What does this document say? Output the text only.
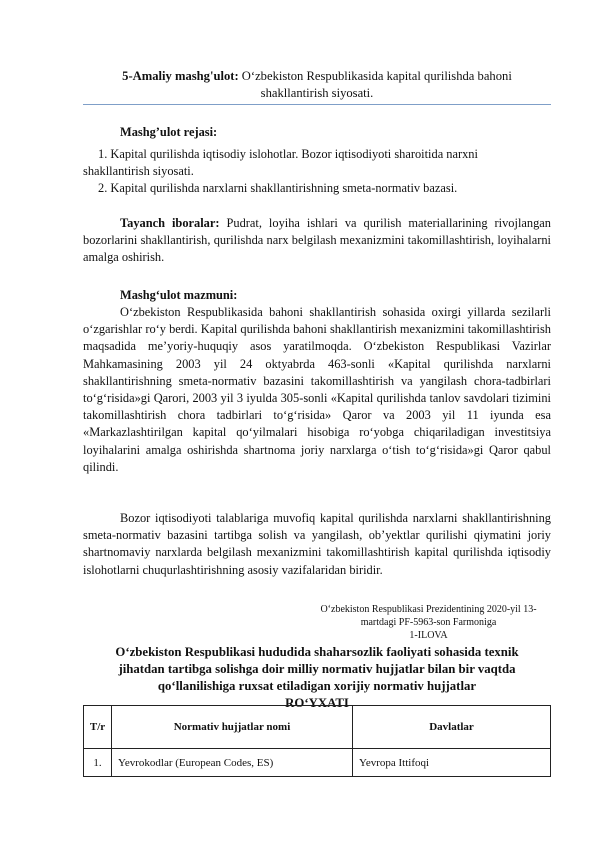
5-Amaliy mashg'ulot: O‘zbekiston Respublikasida kapital qurilishda bahoni
shakllantirish siyosati.
Mashg’ulot rejasi:
1. Kapital qurilishda iqtisodiy islohotlar. Bozor iqtisodiyoti sharoitida narxni
shakllantirish siyosati.
2. Kapital qurilishda narxlarni shakllantirishning smeta-normativ bazasi.
Tayanch iboralar: Pudrat, loyiha ishlari va qurilish materiallarining rivojlangan bozorlarini shakllantirish, qurilishda narx belgilash mexanizmini takomillashtirish, loyihalarni amalga oshirish.
Mashg‘ulot mazmuni:
O‘zbekiston Respublikasida bahoni shakllantirish sohasida oxirgi yillarda sezilarli o‘zgarishlar ro‘y berdi. Kapital qurilishda bahoni shakllantirish mexanizmini takomillashtirish maqsadida me’yoriy-huquqiy asos yaratilmoqda. O‘zbekiston Respublikasi Vazirlar Mahkamasining 2003 yil 24 oktyabrda 463-sonli «Kapital qurilishda narxlarni shakllantirishning smeta-normativ bazasini takomillashtirish va yangilash chora-tadbirlari to‘g‘risida»gi Qarori, 2003 yil 3 iyulda 305-sonli «Kapital qurilishda tanlov savdolari tizimini takomillashtirish chora tadbirlari to‘g‘risida» Qaror va 2003 yil 11 iyunda esa «Markazlashtirilgan kapital qo‘yilmalari hisobiga ro‘yobga chiqariladigan investitsiya loyihalarini amalga oshirishda shartnoma joriy narxlarga o‘tish to‘g‘risida»gi Qaror qabul qilindi.
Bozor iqtisodiyoti talablariga muvofiq kapital qurilishda narxlarni shakllantirishning smeta-normativ bazasini tartibga solish va yangilash, ob’yektlar qurilishi qiymatini joriy shartnomaviy narxlarda belgilash mexanizmini takomillashtirish kapital qurilishda iqtisodiy islohotlarni chuqurlashtirishning asosiy vazifalaridan biridir.
O‘zbekiston Respublikasi Prezidentining 2020-yil 13-
martdagi PF-5963-son Farmoniga
1-ILOVA
O‘zbekiston Respublikasi hududida shaharsozlik faoliyati sohasida texnik
jihatdan tartibga solishga doir milliy normativ hujjatlar bilan bir vaqtda
qo‘llanilishiga ruxsat etiladigan xorijiy normativ hujjatlar
RO‘YXATI
T/r	Normativ hujjatlar nomi	Davlatlar
1.	Yevrokodlar (European Codes, ES)	Yevropa Ittifoqi
